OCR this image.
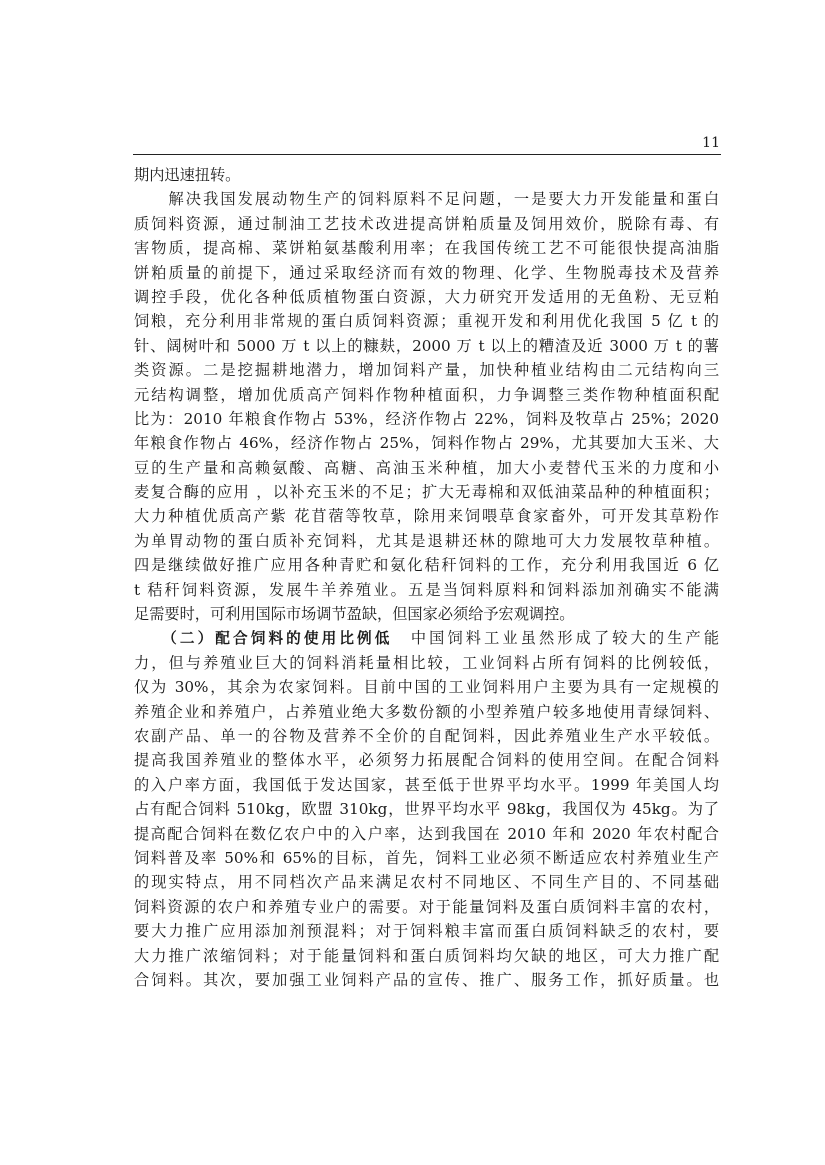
11
期内迅速扭转。
　　解决我国发展动物生产的饲料原料不足问题，一是要大力开发能量和蛋白
质饲料资源，通过制油工艺技术改进提高饼粕质量及饲用效价，脱除有毒、有
害物质，提高棉、菜饼粕氨基酸利用率；在我国传统工艺不可能很快提高油脂
饼粕质量的前提下，通过采取经济而有效的物理、化学、生物脱毒技术及营养
调控手段，优化各种低质植物蛋白资源，大力研究开发适用的无鱼粉、无豆粕
饲粮，充分利用非常规的蛋白质饲料资源；重视开发和利用优化我国 5 亿 t 的
针、阔树叶和 5000 万 t 以上的糠麸，2000 万 t 以上的糟渣及近 3000 万 t 的薯
类资源。二是挖掘耕地潜力，增加饲料产量，加快种植业结构由二元结构向三
元结构调整，增加优质高产饲料作物种植面积，力争调整三类作物种植面积配
比为：2010 年粮食作物占 53%，经济作物占 22%，饲料及牧草占 25%；2020
年粮食作物占 46%，经济作物占 25%，饲料作物占 29%，尤其要加大玉米、大
豆的生产量和高赖氨酸、高糖、高油玉米种植，加大小麦替代玉米的力度和小
麦复合酶的应用 ，以补充玉米的不足；扩大无毒棉和双低油菜品种的种植面积；
大力种植优质高产紫 花苜蓿等牧草，除用来饲喂草食家畜外，可开发其草粉作
为单胃动物的蛋白质补充饲料，尤其是退耕还林的隙地可大力发展牧草种植。
四是继续做好推广应用各种青贮和氨化秸秆饲料的工作，充分利用我国近 6 亿
t 秸秆饲料资源，发展牛羊养殖业。五是当饲料原料和饲料添加剂确实不能满
足需要时，可利用国际市场调节盈缺，但国家必须给予宏观调控。
　　（二）配合饲料的使用比例低　中国饲料工业虽然形成了较大的生产能
力，但与养殖业巨大的饲料消耗量相比较，工业饲料占所有饲料的比例较低，
仅为 30%，其余为农家饲料。目前中国的工业饲料用户主要为具有一定规模的
养殖企业和养殖户，占养殖业绝大多数份额的小型养殖户较多地使用青绿饲料、
农副产品、单一的谷物及营养不全价的自配饲料，因此养殖业生产水平较低。
提高我国养殖业的整体水平，必须努力拓展配合饲料的使用空间。在配合饲料
的入户率方面，我国低于发达国家，甚至低于世界平均水平。1999 年美国人均
占有配合饲料 510kg，欧盟 310kg，世界平均水平 98kg，我国仅为 45kg。为了
提高配合饲料在数亿农户中的入户率，达到我国在 2010 年和 2020 年农村配合
饲料普及率 50%和 65%的目标，首先，饲料工业必须不断适应农村养殖业生产
的现实特点，用不同档次产品来满足农村不同地区、不同生产目的、不同基础
饲料资源的农户和养殖专业户的需要。对于能量饲料及蛋白质饲料丰富的农村，
要大力推广应用添加剂预混料；对于饲料粮丰富而蛋白质饲料缺乏的农村，要
大力推广浓缩饲料；对于能量饲料和蛋白质饲料均欠缺的地区，可大力推广配
合饲料。其次，要加强工业饲料产品的宣传、推广、服务工作，抓好质量。也
